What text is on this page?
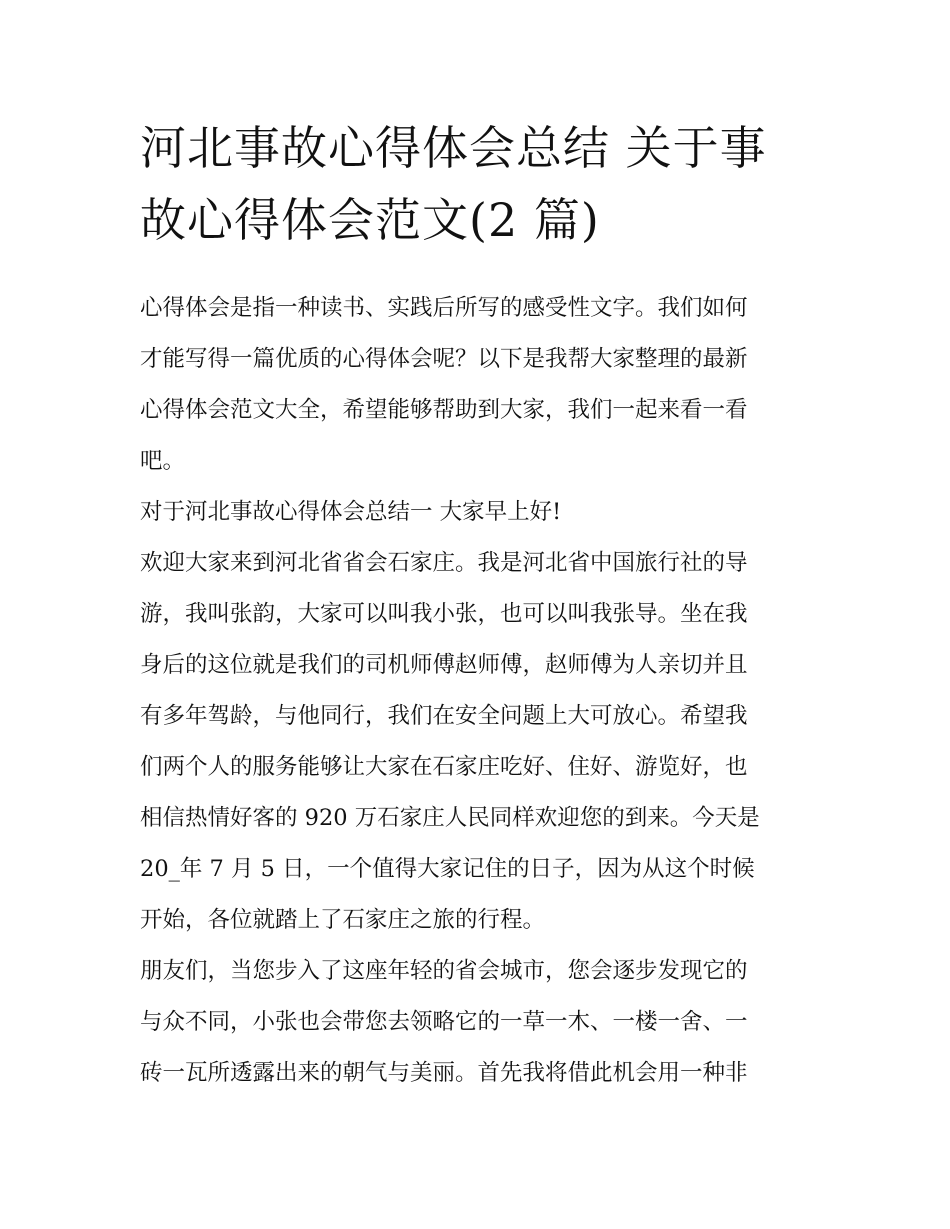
河北事故心得体会总结 关于事
故心得体会范文(2 篇)

心得体会是指一种读书、实践后所写的感受性文字。我们如何
才能写得一篇优质的心得体会呢？以下是我帮大家整理的最新
心得体会范文大全，希望能够帮助到大家，我们一起来看一看
吧。

对于河北事故心得体会总结一 大家早上好!

欢迎大家来到河北省省会石家庄。我是河北省中国旅行社的导
游，我叫张韵，大家可以叫我小张，也可以叫我张导。坐在我
身后的这位就是我们的司机师傅赵师傅，赵师傅为人亲切并且
有多年驾龄，与他同行，我们在安全问题上大可放心。希望我
们两个人的服务能够让大家在石家庄吃好、住好、游览好，也
相信热情好客的 920 万石家庄人民同样欢迎您的到来。今天是
20_年 7 月 5 日，一个值得大家记住的日子，因为从这个时候
开始，各位就踏上了石家庄之旅的行程。

朋友们，当您步入了这座年轻的省会城市，您会逐步发现它的
与众不同，小张也会带您去领略它的一草一木、一楼一舍、一
砖一瓦所透露出来的朝气与美丽。首先我将借此机会用一种非
